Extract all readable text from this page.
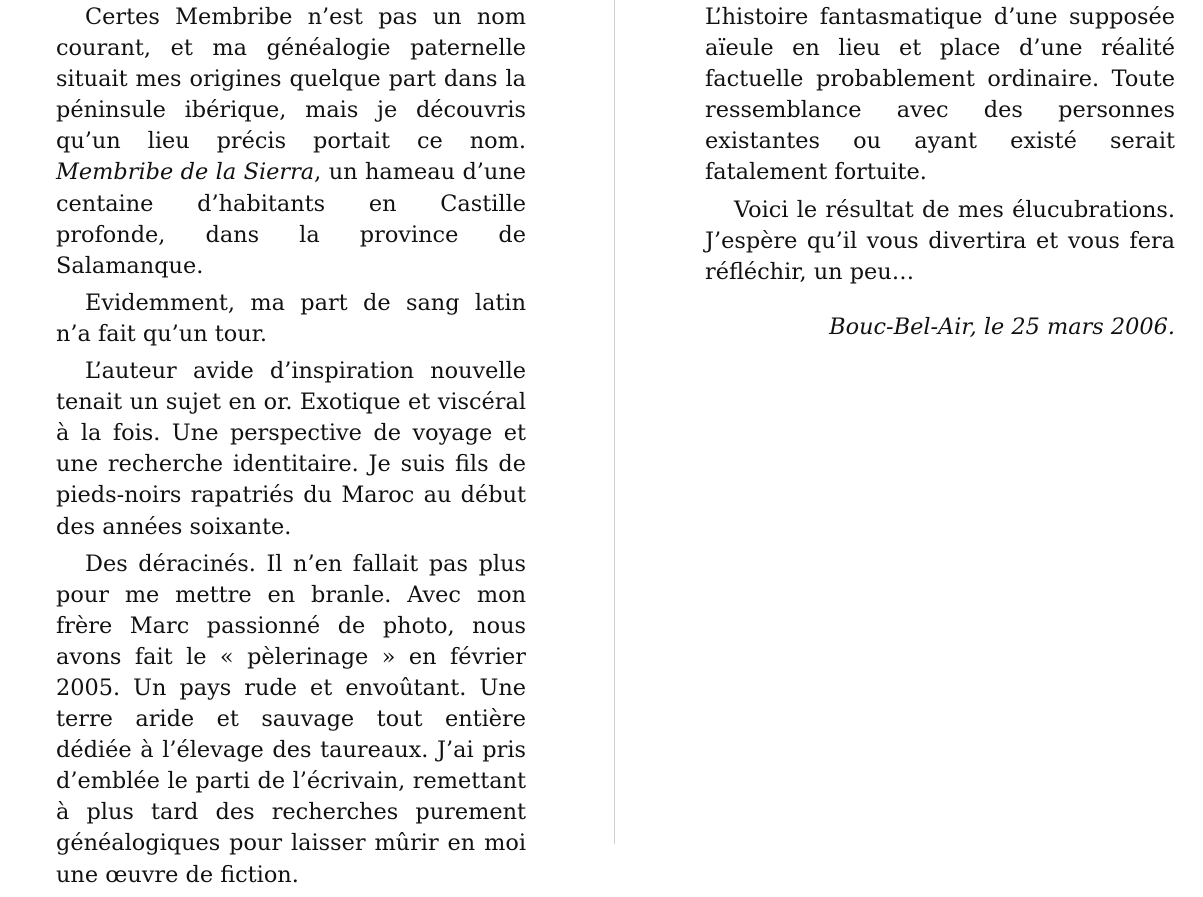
Certes Membribe n’est pas un nom courant, et ma généalogie paternelle situait mes origines quelque part dans la péninsule ibérique, mais je découvris qu’un lieu précis portait ce nom. Membribe de la Sierra, un hameau d’une centaine d’habitants en Castille profonde, dans la province de Salamanque.

Evidemment, ma part de sang latin n’a fait qu’un tour.

L’auteur avide d’inspiration nouvelle tenait un sujet en or. Exotique et viscéral à la fois. Une perspective de voyage et une recherche identitaire. Je suis fils de pieds-noirs rapatriés du Maroc au début des années soixante.

Des déracinés. Il n’en fallait pas plus pour me mettre en branle. Avec mon frère Marc passionné de photo, nous avons fait le « pèlerinage » en février 2005. Un pays rude et envoûtant. Une terre aride et sauvage tout entière dédiée à l’élevage des taureaux. J’ai pris d’emblée le parti de l’écrivain, remettant à plus tard des recherches purement généalogiques pour laisser mûrir en moi une œuvre de fiction.

L’histoire fantasmatique d’une supposée aïeule en lieu et place d’une réalité factuelle probablement ordinaire. Toute ressemblance avec des personnes existantes ou ayant existé serait fatalement fortuite.

Voici le résultat de mes élucubrations. J’espère qu’il vous divertira et vous fera réfléchir, un peu…

Bouc-Bel-Air, le 25 mars 2006.
